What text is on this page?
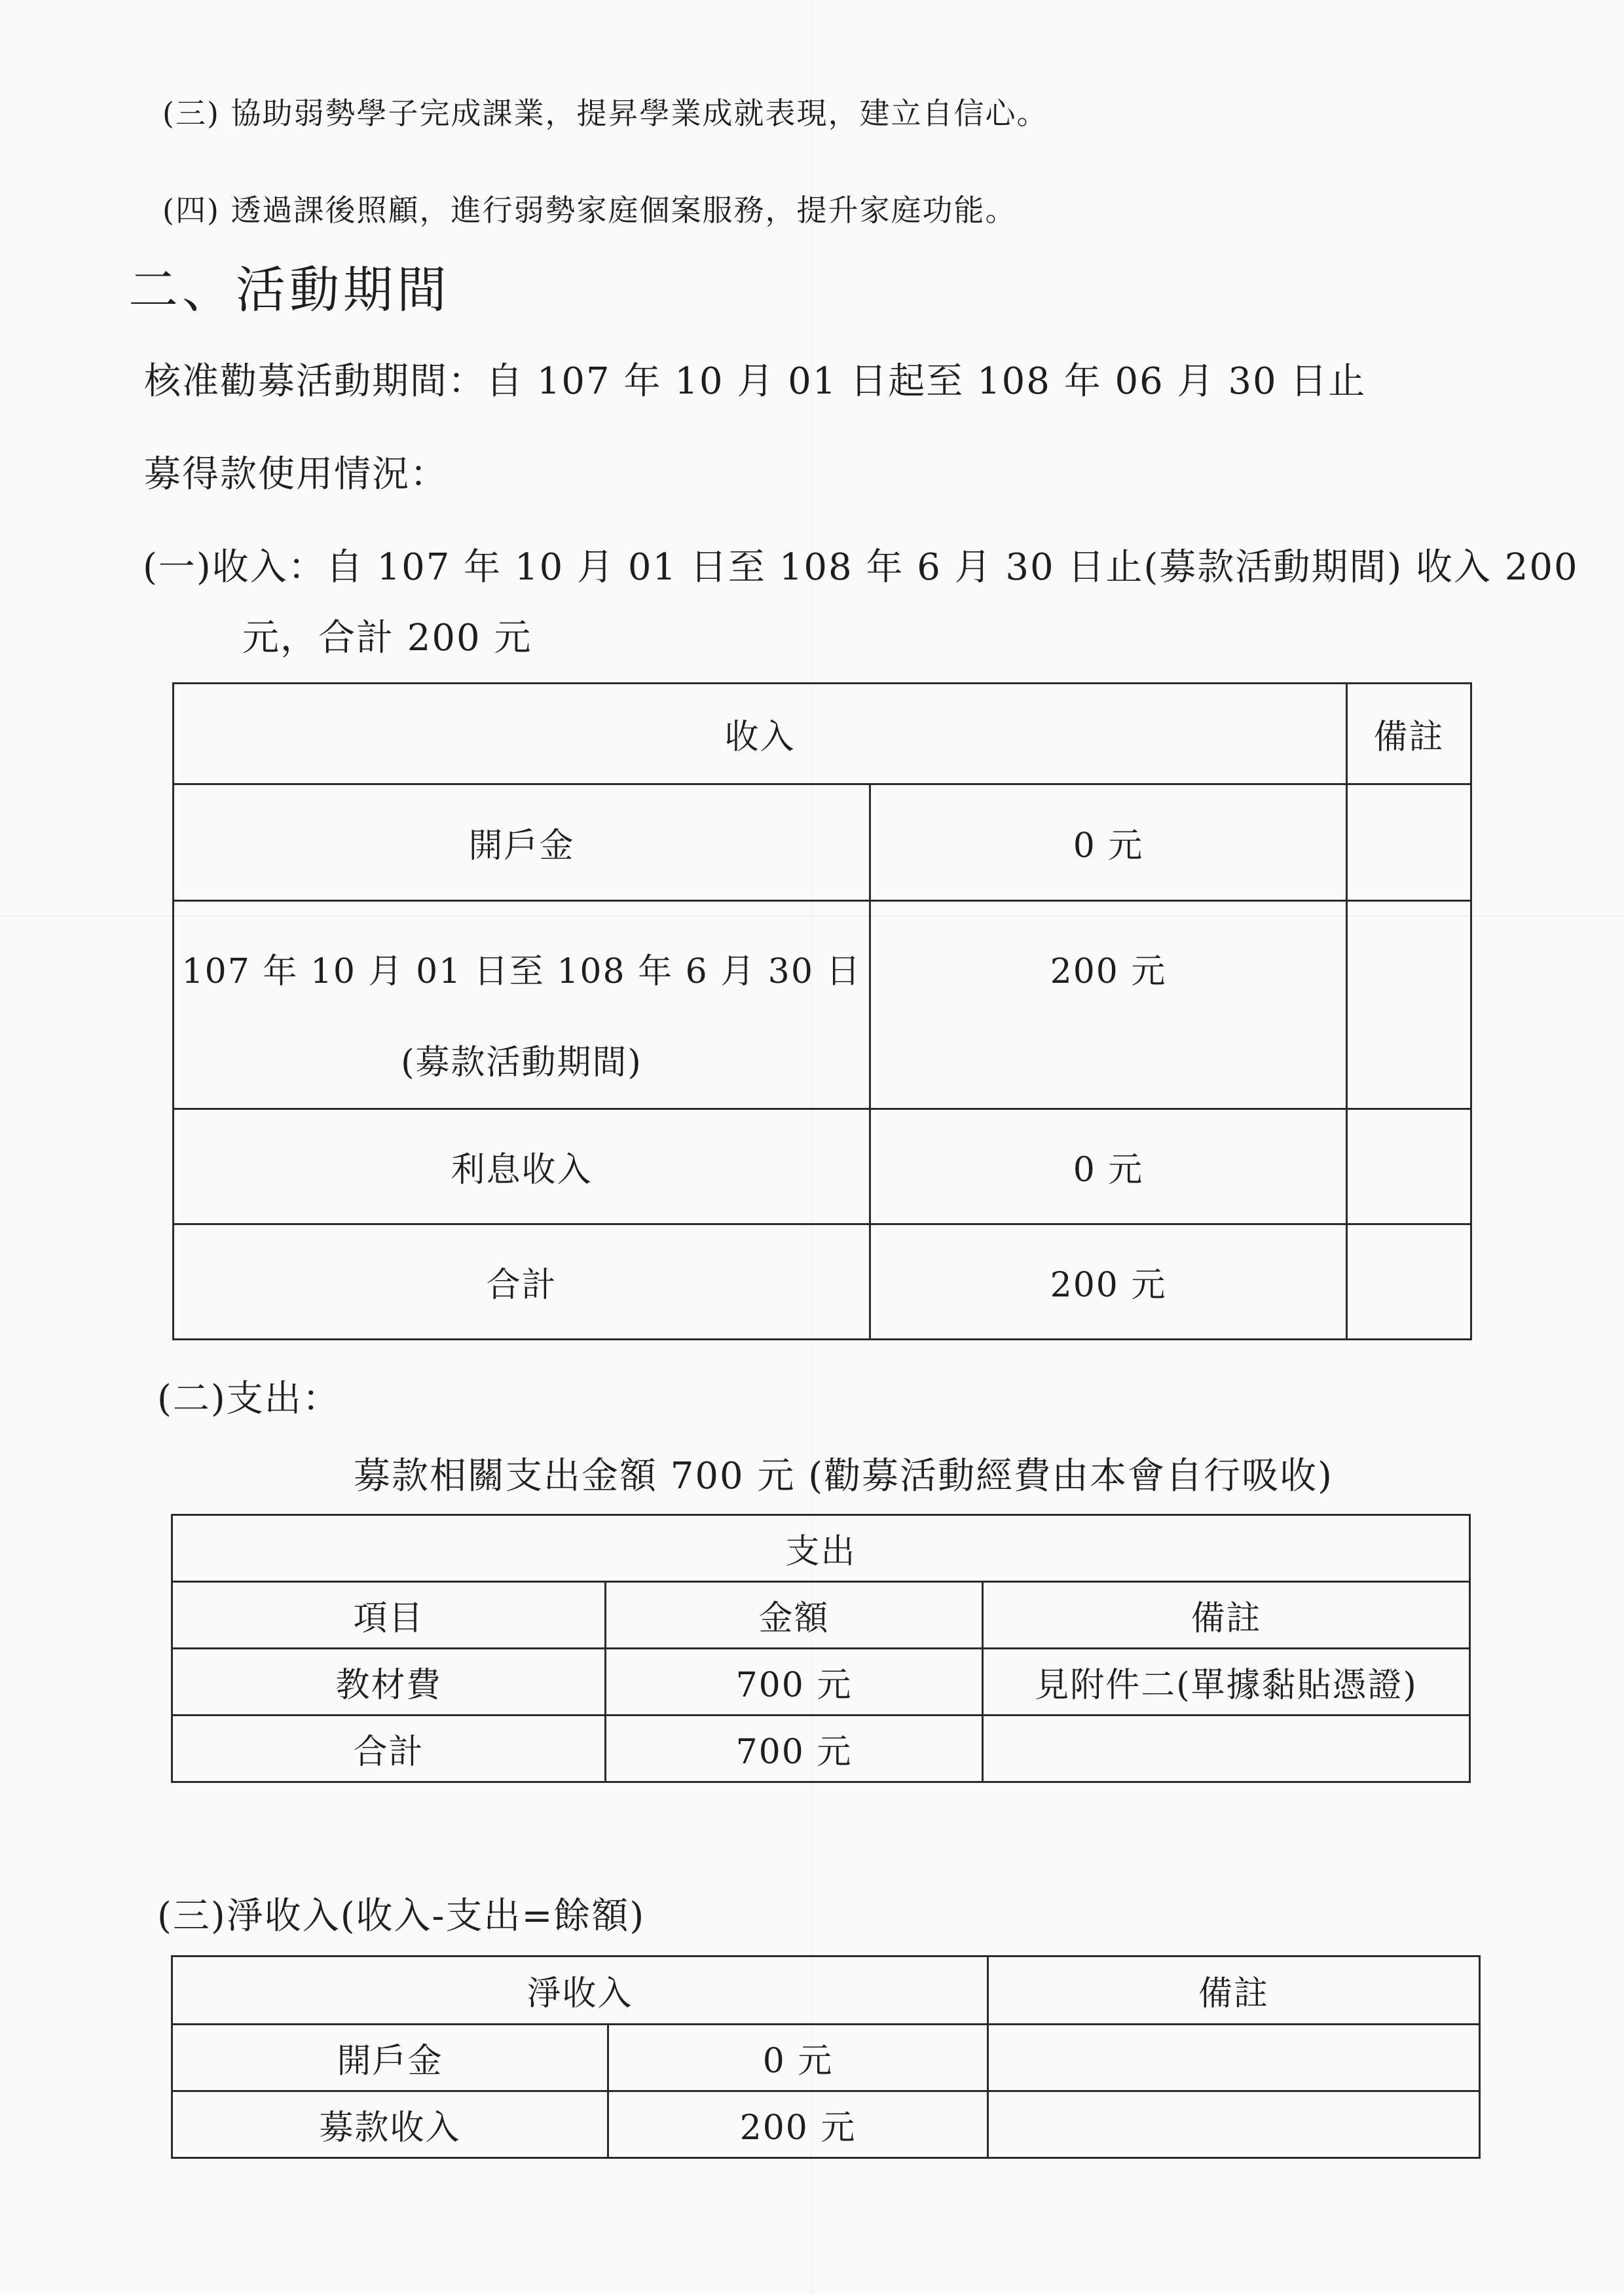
(三) 協助弱勢學子完成課業，提昇學業成就表現，建立自信心。
(四) 透過課後照顧，進行弱勢家庭個案服務，提升家庭功能。
二、活動期間
核准勸募活動期間：自 107 年 10 月 01 日起至 108 年 06 月 30 日止
募得款使用情況：
(一)收入：自 107 年 10 月 01 日至 108 年 6 月 30 日止(募款活動期間) 收入 200
元，合計 200 元
收入		備註
開戶金	0 元	

107 年 10 月 01 日至 108 年 6 月 30 日
(募款活動期間)	200 元	
利息收入	0 元	
合計	200 元	
(二)支出：
募款相關支出金額 700 元 (勸募活動經費由本會自行吸收)
支出		
項目	金額	備註
教材費	700 元	見附件二(單據黏貼憑證)
合計	700 元	
(三)淨收入(收入-支出=餘額)
淨收入		備註
開戶金	0 元	
募款收入	200 元	
